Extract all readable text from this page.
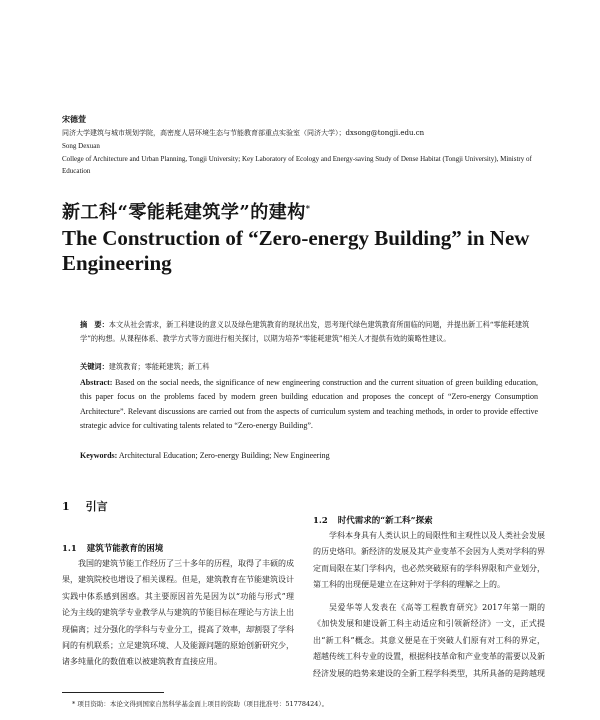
宋德萱
同济大学建筑与城市规划学院，高密度人居环境生态与节能教育部重点实验室（同济大学）；dxsong@tongji.edu.cn
Song Dexuan
College of Architecture and Urban Planning, Tongji University; Key Laboratory of Ecology and Energy-saving Study of Dense Habitat (Tongji University), Ministry of Education
新工科“零能耗建筑学”的建构*
The Construction of “Zero-energy Building” in New Engineering
摘　要：本文从社会需求，新工科建设的意义以及绿色建筑教育的现状出发，思考现代绿色建筑教育所面临的问题，并提出新工科“零能耗建筑学”的构想。从课程体系、教学方式等方面进行相关探讨，以期为培养“零能耗建筑”相关人才提供有效的策略性建议。
关键词：建筑教育；零能耗建筑；新工科
Abstract: Based on the social needs, the significance of new engineering construction and the current situation of green building education, this paper focus on the problems faced by modern green building education and proposes the concept of “Zero-energy Consumption Architecture”. Relevant discussions are carried out from the aspects of curriculum system and teaching methods, in order to provide effective strategic advice for cultivating talents related to “Zero-energy Building”.
Keywords: Architectural Education; Zero-energy Building; New Engineering
1 引言
1.1 建筑节能教育的困境
我国的建筑节能工作经历了三十多年的历程，取得了丰硕的成果，建筑院校也增设了相关课程。但是，建筑教育在节能建筑设计实践中体系感到困惑。其主要原因首先是因为以“功能与形式”理论为主线的建筑学专业教学从与建筑的节能目标在理论与方法上出现偏离；过分强化的学科与专业分工，提高了效率，却割裂了学科间的有机联系；立足建筑环境、人及能源问题的原始创新研究少，诸多纯量化的数值难以被建筑教育直接应用。
1.2 时代需求的“新工科”探索
学科本身具有人类认识上的局限性和主观性以及人类社会发展的历史烙印。新经济的发展及其产业变革不会因为人类对学科的界定而局限在某门学科内，也必然突破原有的学科界限和产业划分，第工科的出现便是建立在这种对于学科的理解之上的。
吴爱华等人发表在《高等工程教育研究》2017年第一期的《加快发展和建设新工科主动适应和引领新经济》一文，正式提出“新工科”概念。其意义便是在于突破人们原有对工科的界定，超越传统工科专业的设置，根据科技革命和产业变革的需要以及新经济发展的趋势来建设的全新工程学科类型，其所具备的是跨越现
* 项目资助：本论文得到国家自然科学基金面上项目的资助（项目批准号：51778424）。
